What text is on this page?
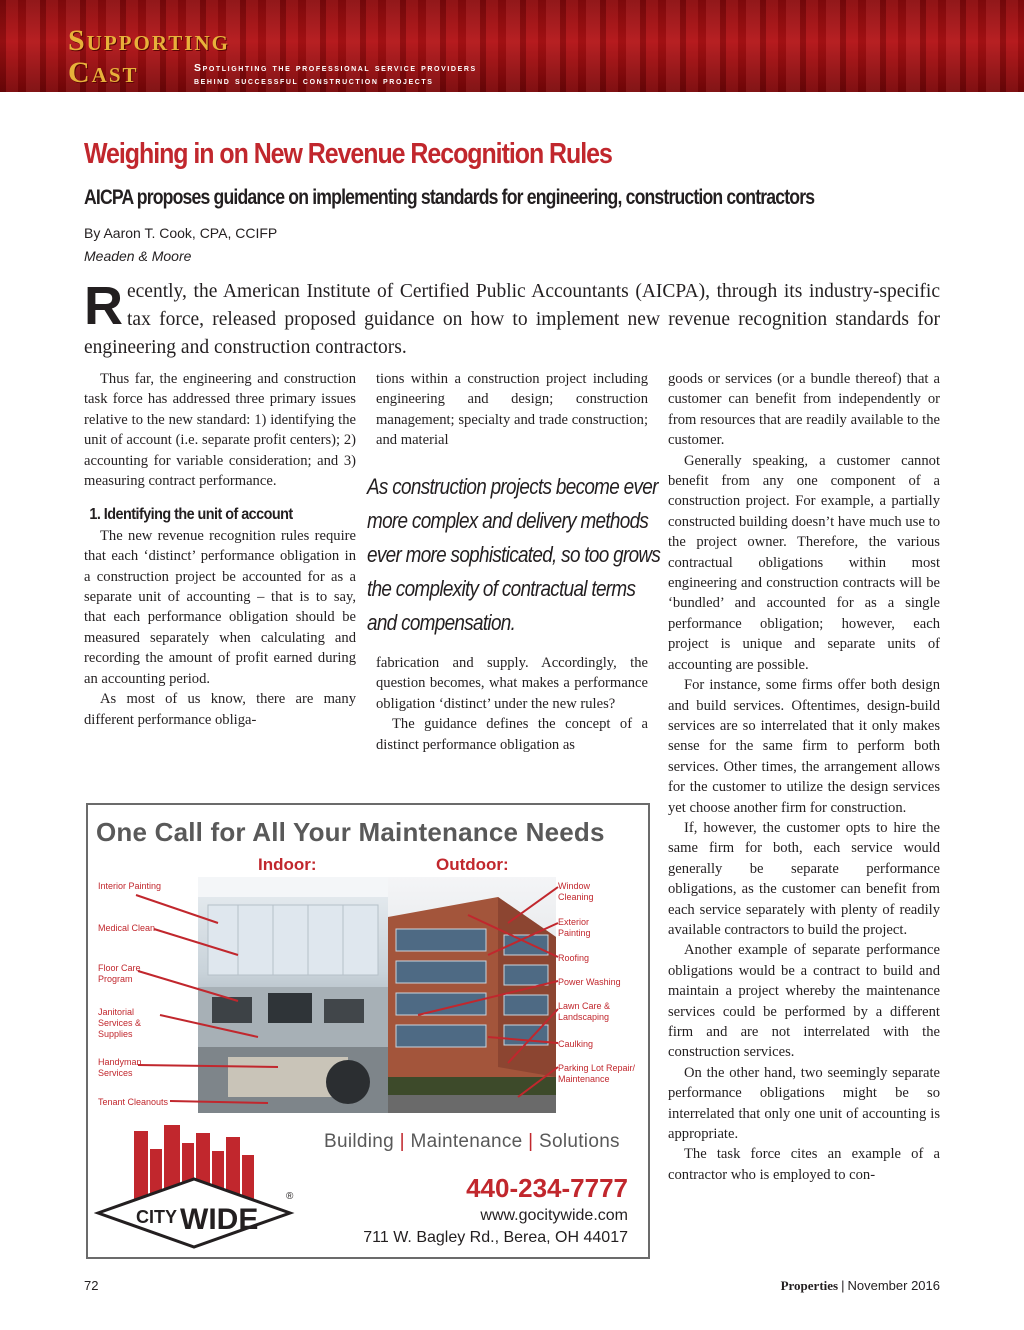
Supporting
Cast	Spotlighting the professional service providers
behind successful construction projects
Weighing in on New Revenue Recognition Rules
AICPA proposes guidance on implementing standards for engineering, construction contractors
By Aaron T. Cook, CPA, CCIFP
Meaden & Moore
Recently, the American Institute of Certified Public Accountants (AICPA), through its industry-specific tax force, released proposed guidance on how to implement new revenue recognition standards for engineering and construction contractors.

Thus far, the engineering and construction task force has addressed three primary issues relative to the new standard: 1) identifying the unit of account (i.e. separate profit centers); 2) accounting for variable consideration; and 3) measuring contract performance.

1. Identifying the unit of account

The new revenue recognition rules require that each ‘distinct’ performance obligation in a construction project be accounted for as a separate unit of accounting – that is to say, that each performance obligation should be measured separately when calculating and recording the amount of profit earned during an accounting period.

As most of us know, there are many different performance obliga-

tions within a construction project including engineering and design; construction management; specialty and trade construction; and material

As construction projects become ever more complex and delivery methods ever more sophisticated, so too grows the complexity of contractual terms and compensation.

fabrication and supply. Accordingly, the question becomes, what makes a performance obligation ‘distinct’ under the new rules?

The guidance defines the concept of a distinct performance obligation as

goods or services (or a bundle thereof) that a customer can benefit from independently or from resources that are readily available to the customer.

Generally speaking, a customer cannot benefit from any one component of a construction project. For example, a partially constructed building doesn’t have much use to the project owner. Therefore, the various contractual obligations within most engineering and construction contracts will be ‘bundled’ and accounted for as a single performance obligation; however, each project is unique and separate units of accounting are possible.

For instance, some firms offer both design and build services. Oftentimes, design-build services are so interrelated that it only makes sense for the same firm to perform both services. Other times, the arrangement allows for the customer to utilize the design services yet choose another firm for construction.

If, however, the customer opts to hire the same firm for both, each service would generally be separate performance obligations, as the customer can benefit from each service separately with plenty of readily available contractors to build the project.

Another example of separate performance obligations would be a contract to build and maintain a project whereby the maintenance services could be performed by a different firm and are not interrelated with the construction services.

On the other hand, two seemingly separate performance obligations might be so interrelated that only one unit of accounting is appropriate.

The task force cites an example of a contractor who is employed to con-

One Call for All Your Maintenance Needs
Indoor:	Outdoor:
Interior Painting
Medical Clean
Floor Care Program
Janitorial Services & Supplies
Handyman Services
Tenant Cleanouts
Window Cleaning
Exterior Painting
Roofing
Power Washing
Lawn Care & Landscaping
Caulking
Parking Lot Repair/ Maintenance
CITY WIDE
®
Building | Maintenance | Solutions
440-234-7777
www.gocitywide.com
711 W. Bagley Rd., Berea, OH 44017
72	Properties | November 2016
